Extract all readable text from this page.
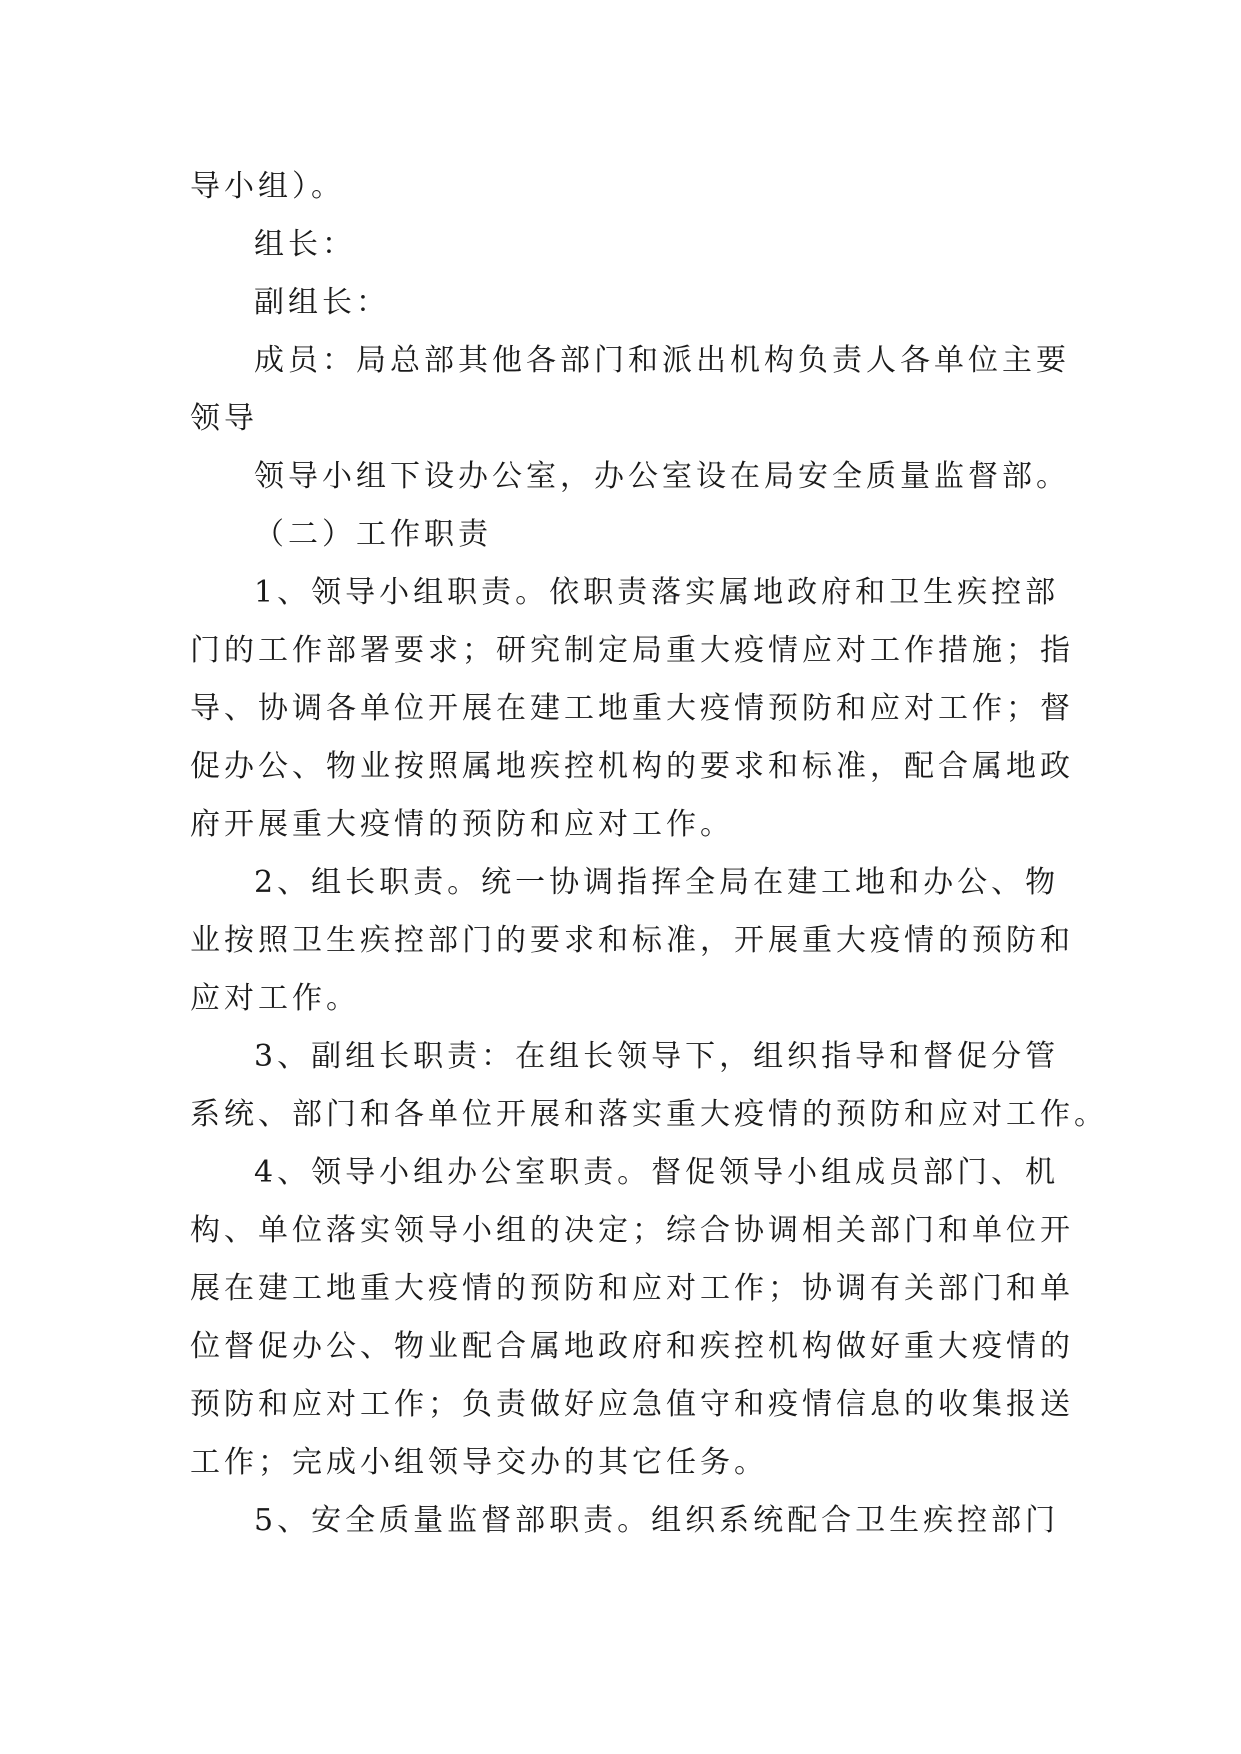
导小组）。
组长：
副组长：
成员：局总部其他各部门和派出机构负责人各单位主要
领导
领导小组下设办公室，办公室设在局安全质量监督部。
（二）工作职责
1、领导小组职责。依职责落实属地政府和卫生疾控部
门的工作部署要求；研究制定局重大疫情应对工作措施；指
导、协调各单位开展在建工地重大疫情预防和应对工作；督
促办公、物业按照属地疾控机构的要求和标准，配合属地政
府开展重大疫情的预防和应对工作。
2、组长职责。统一协调指挥全局在建工地和办公、物
业按照卫生疾控部门的要求和标准，开展重大疫情的预防和
应对工作。
3、副组长职责：在组长领导下，组织指导和督促分管
系统、部门和各单位开展和落实重大疫情的预防和应对工作。
4、领导小组办公室职责。督促领导小组成员部门、机
构、单位落实领导小组的决定；综合协调相关部门和单位开
展在建工地重大疫情的预防和应对工作；协调有关部门和单
位督促办公、物业配合属地政府和疾控机构做好重大疫情的
预防和应对工作；负责做好应急值守和疫情信息的收集报送
工作；完成小组领导交办的其它任务。
5、安全质量监督部职责。组织系统配合卫生疾控部门
